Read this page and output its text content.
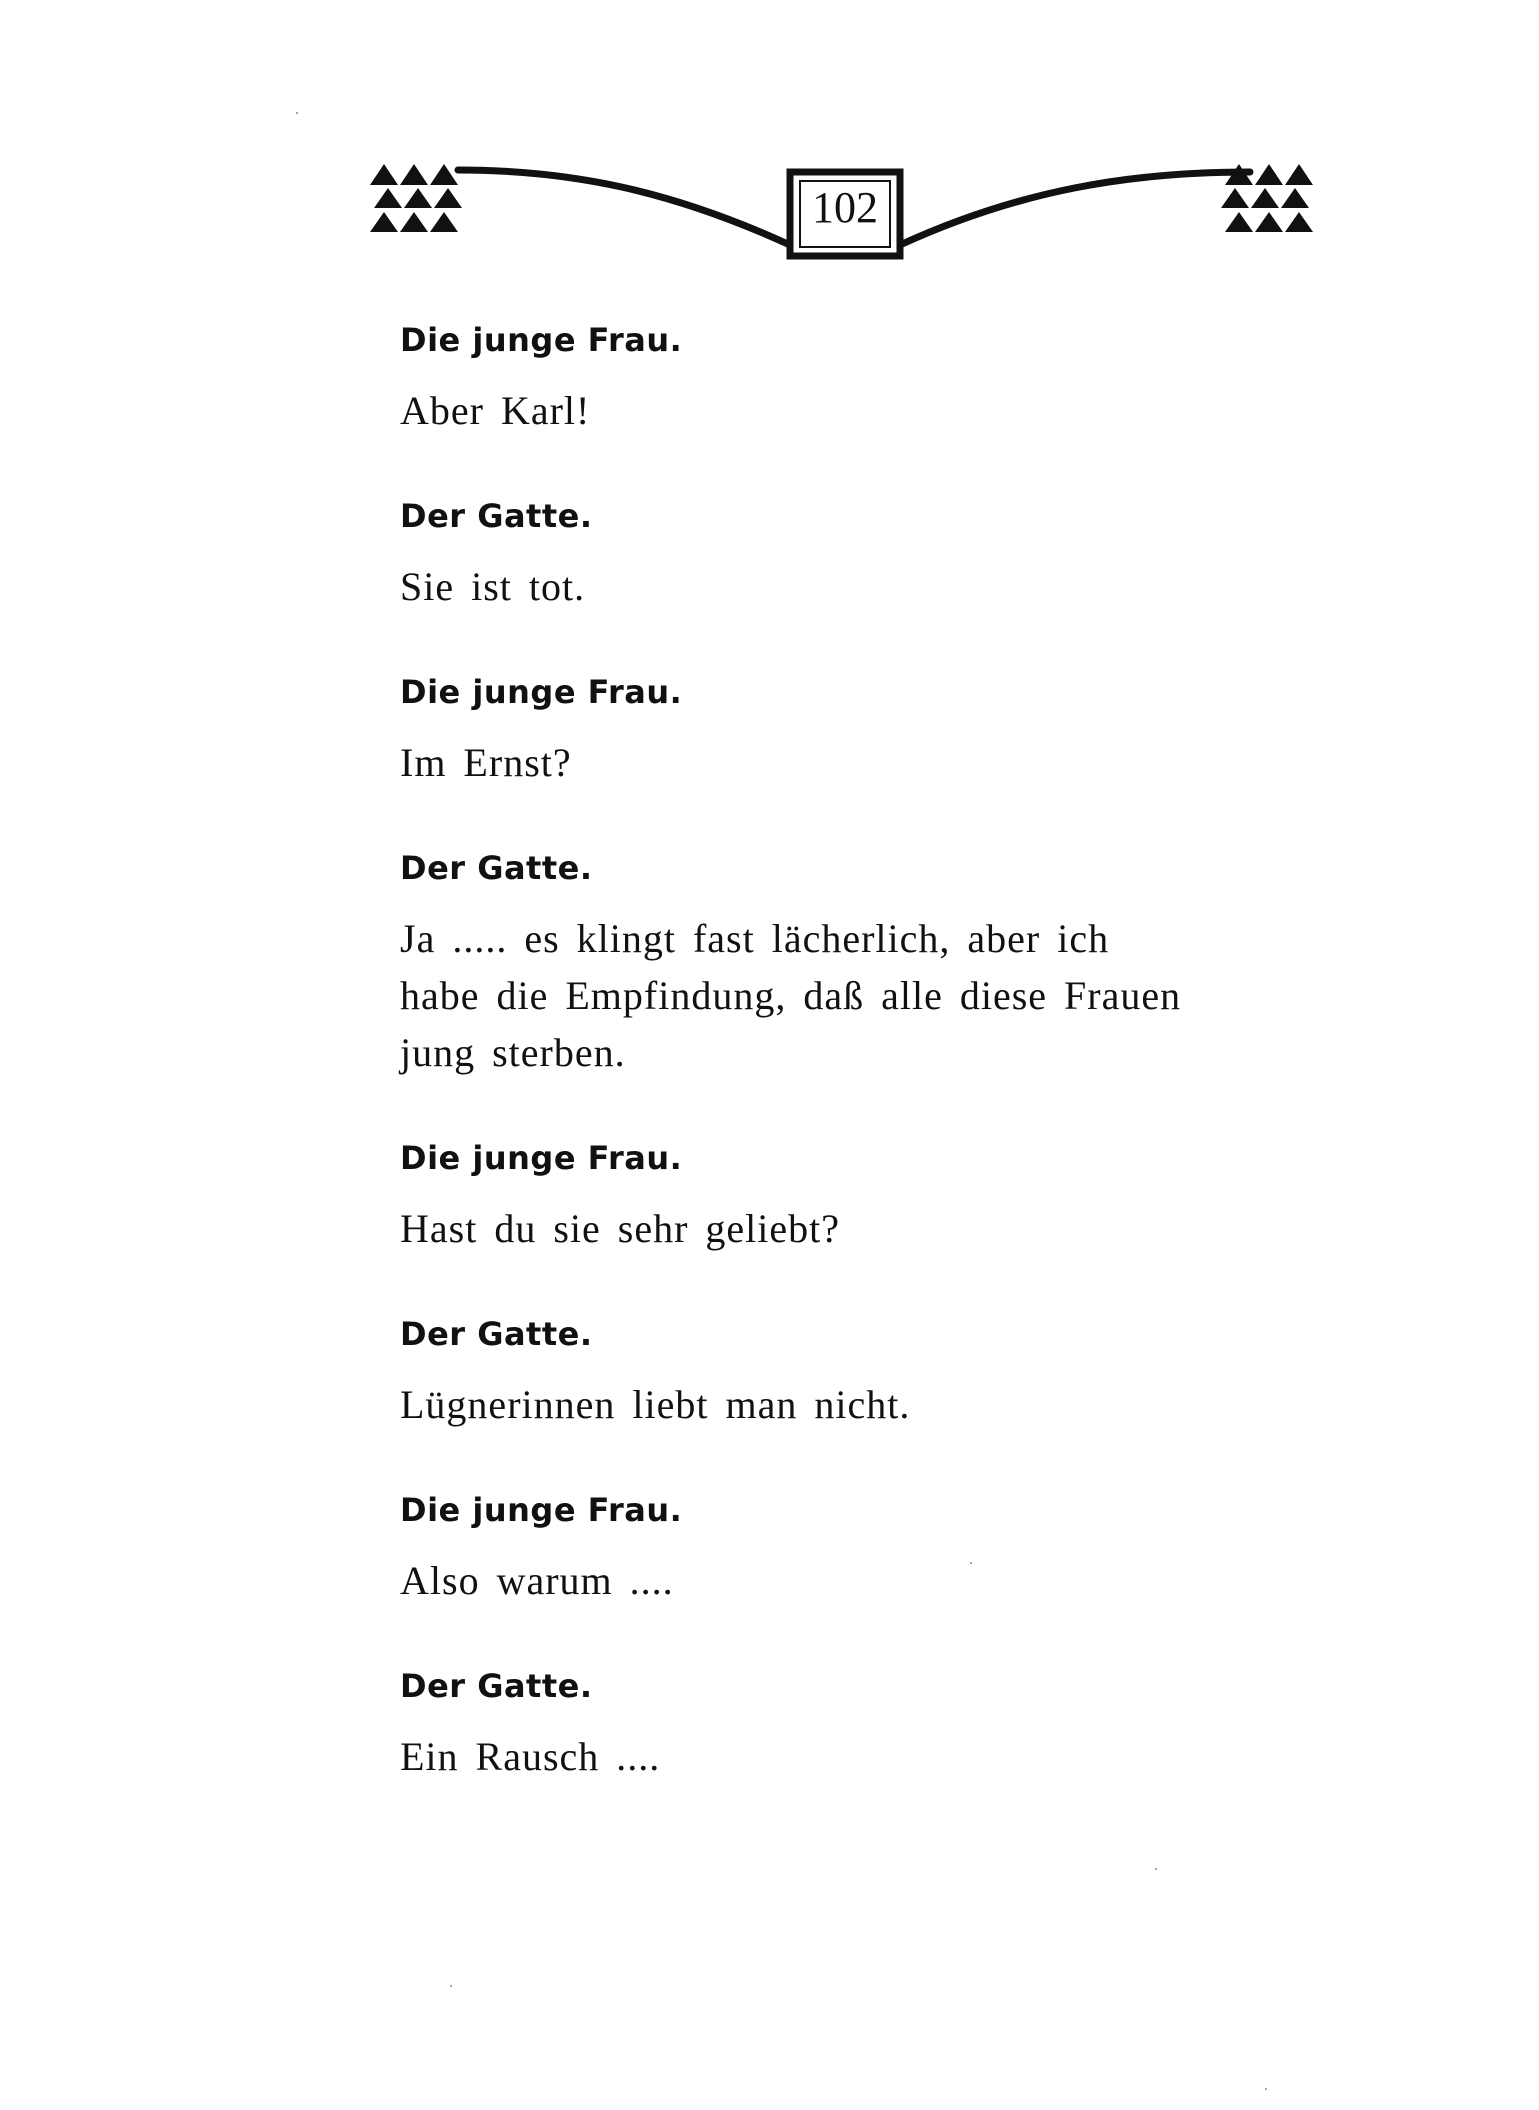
102

Die junge Frau.

Aber Karl!

Der Gatte.

Sie ist tot.

Die junge Frau.

Im Ernst?

Der Gatte.

Ja ..... es klingt fast lächerlich, aber ich

habe die Empfindung, daß alle diese Frauen

jung sterben.

Die junge Frau.

Hast du sie sehr geliebt?

Der Gatte.

Lügnerinnen liebt man nicht.

Die junge Frau.

Also warum ....

Der Gatte.

Ein Rausch ....
